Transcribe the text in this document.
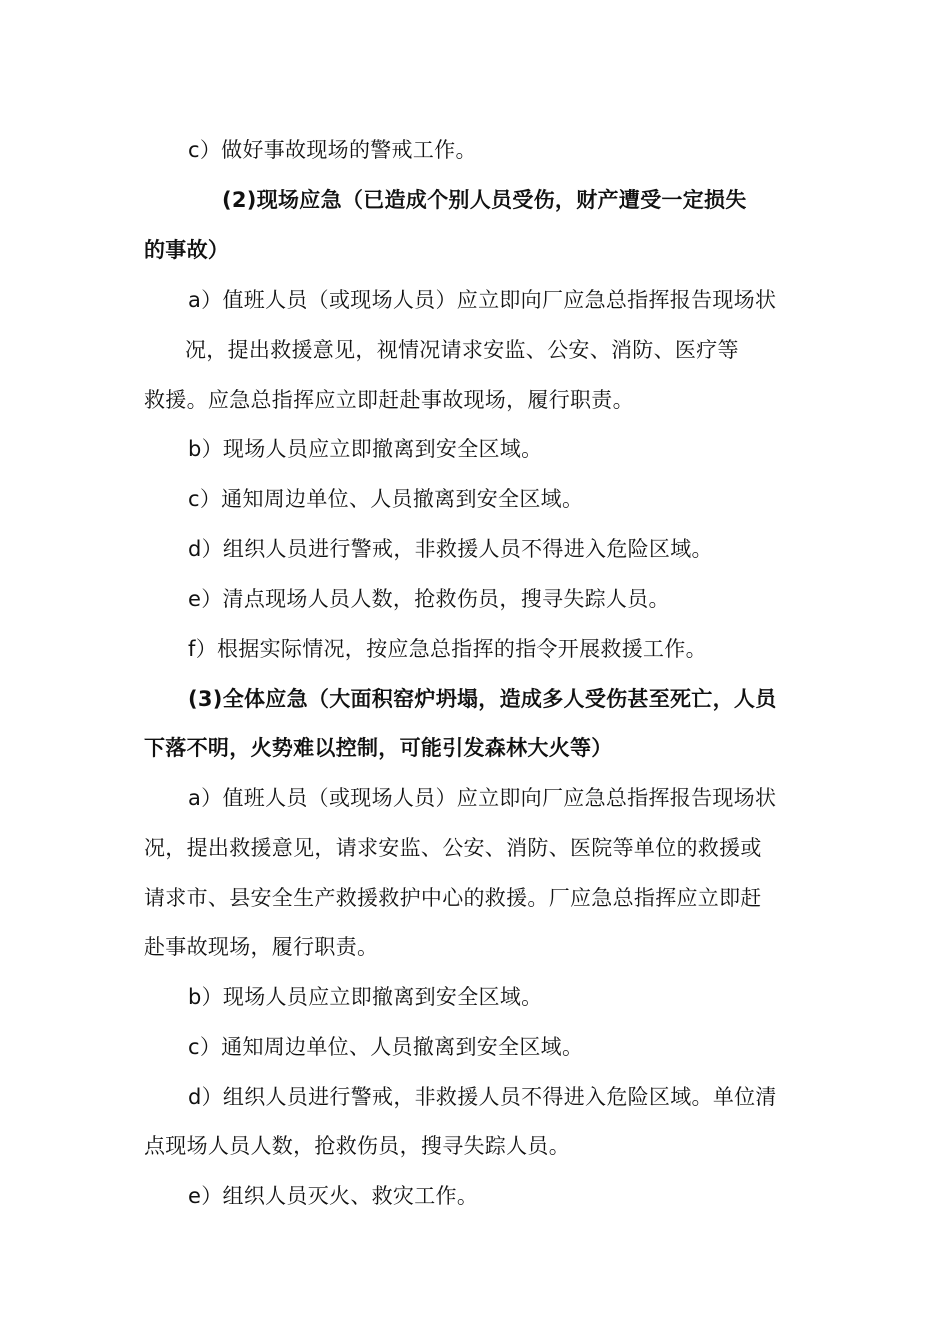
c）做好事故现场的警戒工作。
(2)现场应急（已造成个别人员受伤，财产遭受一定损失
的事故）
a）值班人员（或现场人员）应立即向厂应急总指挥报告现场状
况，提出救援意见，视情况请求安监、公安、消防、医疗等
救援。应急总指挥应立即赶赴事故现场，履行职责。
b）现场人员应立即撤离到安全区域。
c）通知周边单位、人员撤离到安全区域。
d）组织人员进行警戒，非救援人员不得进入危险区域。
e）清点现场人员人数，抢救伤员，搜寻失踪人员。
f）根据实际情况，按应急总指挥的指令开展救援工作。
(3)全体应急（大面积窑炉坍塌，造成多人受伤甚至死亡，人员
下落不明，火势难以控制，可能引发森林大火等）
a）值班人员（或现场人员）应立即向厂应急总指挥报告现场状
况，提出救援意见，请求安监、公安、消防、医院等单位的救援或
请求市、县安全生产救援救护中心的救援。厂应急总指挥应立即赶
赴事故现场，履行职责。
b）现场人员应立即撤离到安全区域。
c）通知周边单位、人员撤离到安全区域。
d）组织人员进行警戒，非救援人员不得进入危险区域。单位清
点现场人员人数，抢救伤员，搜寻失踪人员。
e）组织人员灭火、救灾工作。
